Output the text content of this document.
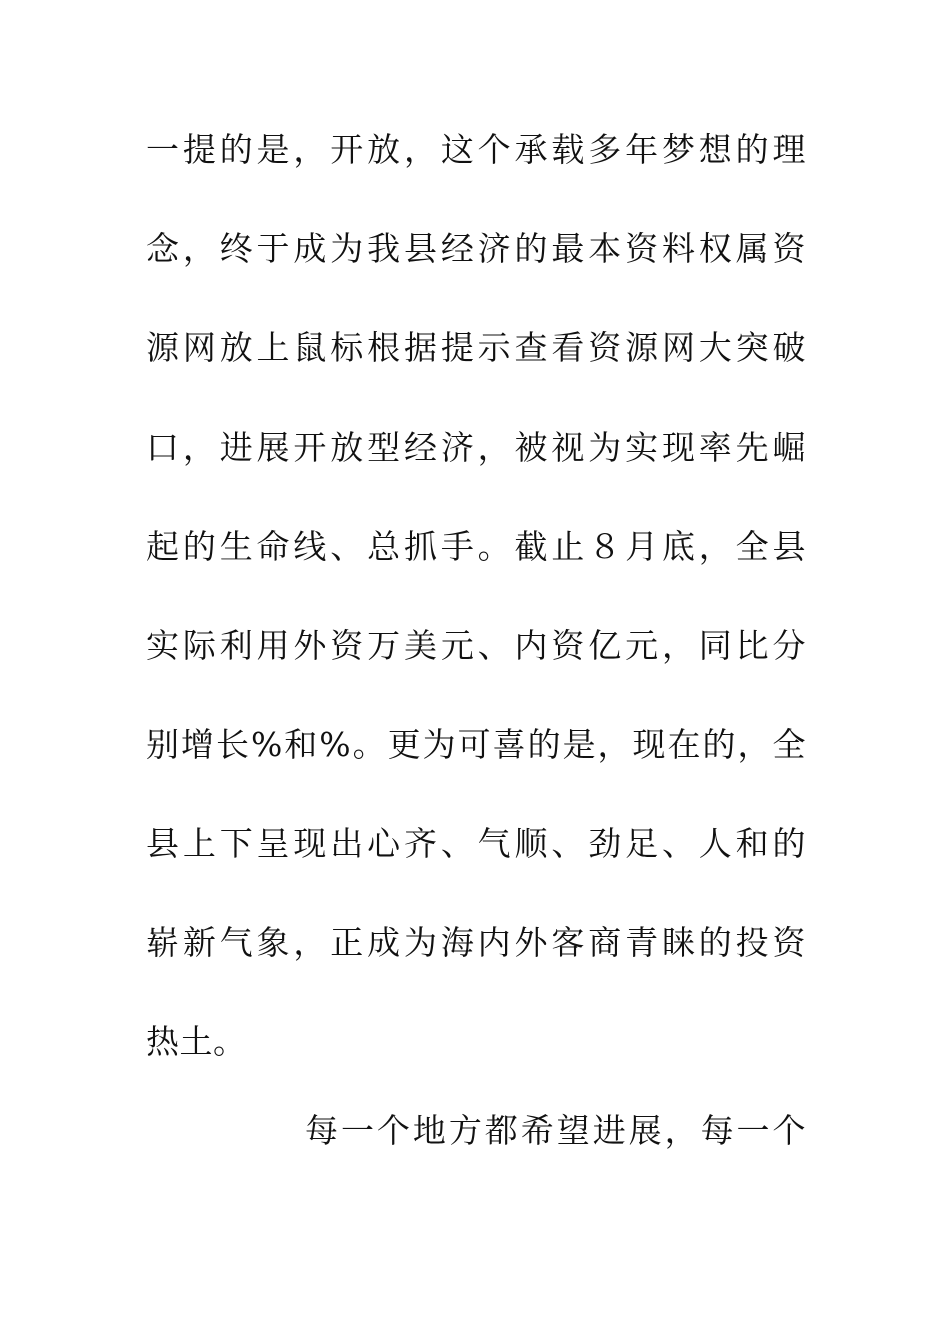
一提的是，开放，这个承载多年梦想的理
念，终于成为我县经济的最本资料权属资
源网放上鼠标根据提示查看资源网大突破
口，进展开放型经济，被视为实现率先崛
起的生命线、总抓手。截止８月底，全县
实际利用外资万美元、内资亿元，同比分
别增长%和%。更为可喜的是，现在的，全
县上下呈现出心齐、气顺、劲足、人和的
崭新气象，正成为海内外客商青睐的投资
热土。
每一个地方都希望进展，每一个
